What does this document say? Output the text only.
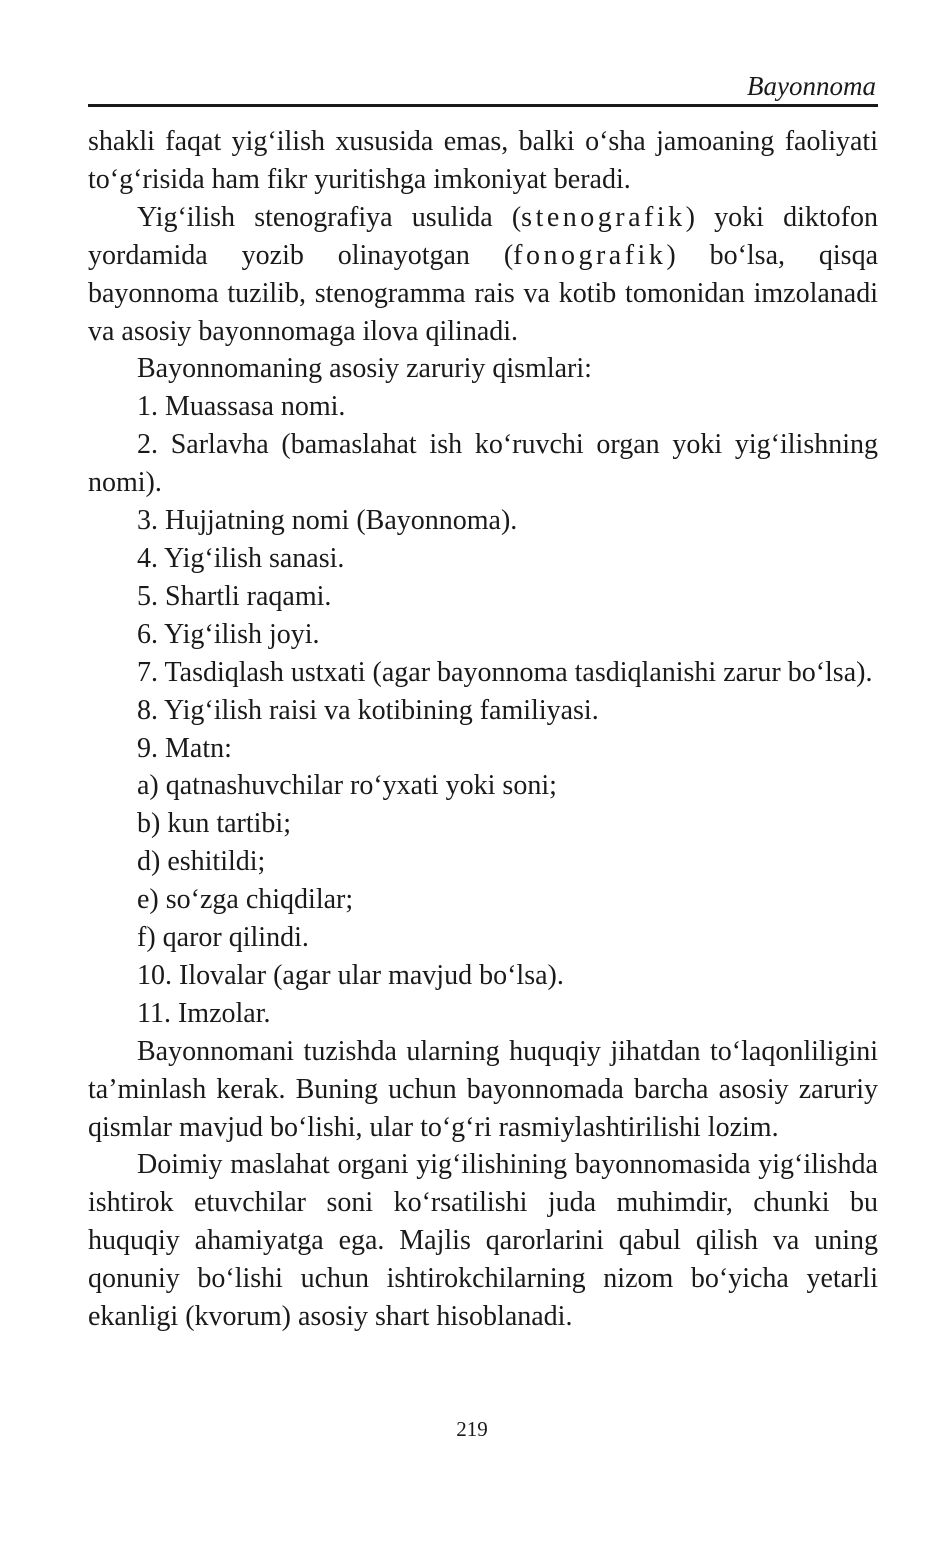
Bayonnoma

shakli faqat yig‘ilish xususida emas, balki o‘sha jamoaning faoliyati to‘g‘risida ham fikr yuritishga imkoniyat beradi.

Yig‘ilish stenografiya usulida (stenografik) yoki diktofon yordamida yozib olinayotgan (fonografik) bo‘lsa, qisqa bayonnoma tuzilib, stenogramma rais va kotib tomonidan imzolanadi va asosiy bayonnomaga ilova qilinadi.

Bayonnomaning asosiy zaruriy qismlari:

1. Muassasa nomi.

2. Sarlavha (bamaslahat ish ko‘ruvchi organ yoki yig‘ilishning nomi).

3. Hujjatning nomi (Bayonnoma).

4. Yig‘ilish sanasi.

5. Shartli raqami.

6. Yig‘ilish joyi.

7. Tasdiqlash ustxati (agar bayonnoma tasdiqlanishi zarur bo‘lsa).

8. Yig‘ilish raisi va kotibining familiyasi.

9. Matn:

a) qatnashuvchilar ro‘yxati yoki soni;

b) kun tartibi;

d) eshitildi;

e) so‘zga chiqdilar;

f) qaror qilindi.

10. Ilovalar (agar ular mavjud bo‘lsa).

11. Imzolar.

Bayonnomani tuzishda ularning huquqiy jihatdan to‘laqonliligini ta’minlash kerak. Buning uchun bayonnomada barcha asosiy zaruriy qismlar mavjud bo‘lishi, ular to‘g‘ri rasmiylashtirilishi lozim.

Doimiy maslahat organi yig‘ilishining bayonnomasida yig‘ilishda ishtirok etuvchilar soni ko‘rsatilishi juda muhimdir, chunki bu huquqiy ahamiyatga ega. Majlis qarorlarini qabul qilish va uning qonuniy bo‘lishi uchun ishtirokchilarning nizom bo‘yicha yetarli ekanligi (kvorum) asosiy shart hisoblanadi.

219
